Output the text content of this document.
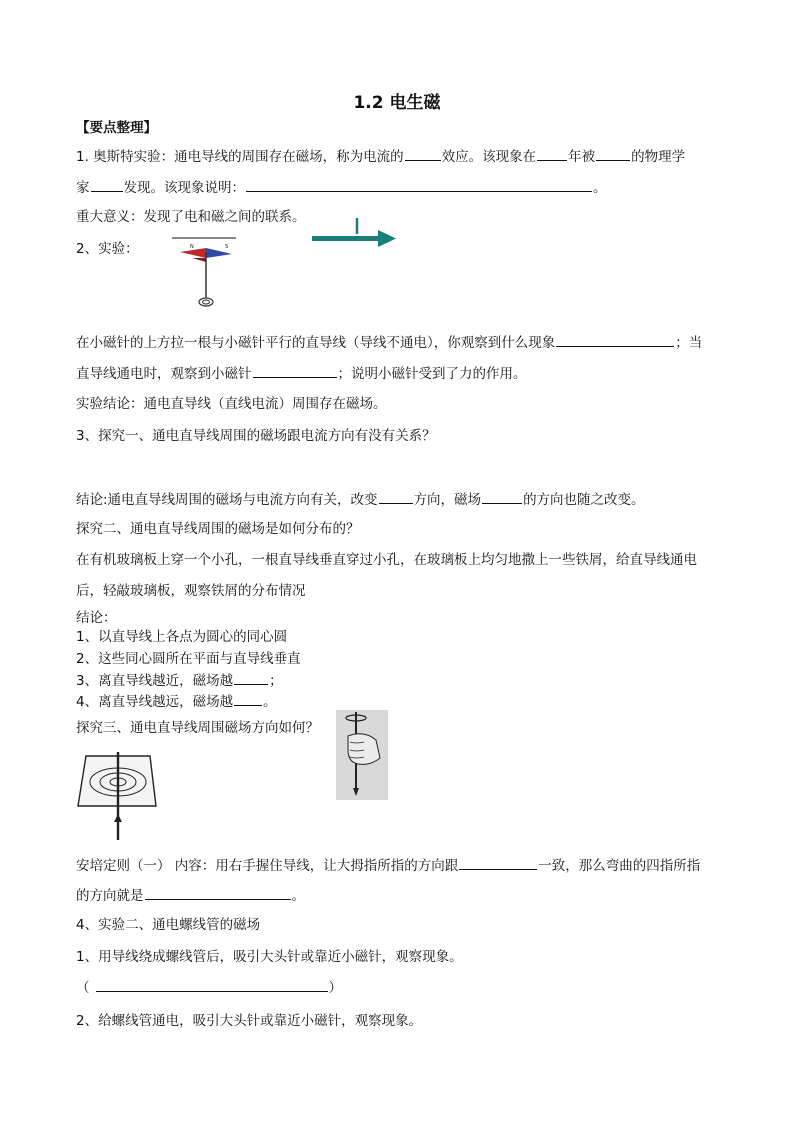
1.2 电生磁
【要点整理】
1. 奥斯特实验：通电导线的周围存在磁场，称为电流的	效应。该现象在 年被	的物理学
家	发现。该现象说明：	。
重大意义：发现了电和磁之间的联系。
2、实验：	N	S
在小磁针的上方拉一根与小磁针平行的直导线（导线不通电），你观察到什么现象	；当
直导线通电时，观察到小磁针	；说明小磁针受到了力的作用。
实验结论：通电直导线（直线电流）周围存在磁场。
3、探究一、通电直导线周围的磁场跟电流方向有没有关系？
结论:通电直导线周围的磁场与电流方向有关，改变	方向，磁场	的方向也随之改变。
探究二、通电直导线周围的磁场是如何分布的？
在有机玻璃板上穿一个小孔，一根直导线垂直穿过小孔，在玻璃板上均匀地撒上一些铁屑，给直导线通电
后，轻敲玻璃板，观察铁屑的分布情况
结论：
1、以直导线上各点为圆心的同心圆
2、这些同心圆所在平面与直导线垂直
3、离直导线越近，磁场越	；
4、离直导线越远，磁场越 。
探究三、通电直导线周围磁场方向如何？
安培定则（一） 内容：用右手握住导线，让大拇指所指的方向跟	一致，那么弯曲的四指所指
的方向就是	。
4、实验二、通电螺线管的磁场
1、用导线绕成螺线管后，吸引大头针或靠近小磁针，观察现象。
（	）
2、给螺线管通电，吸引大头针或靠近小磁针，观察现象。
